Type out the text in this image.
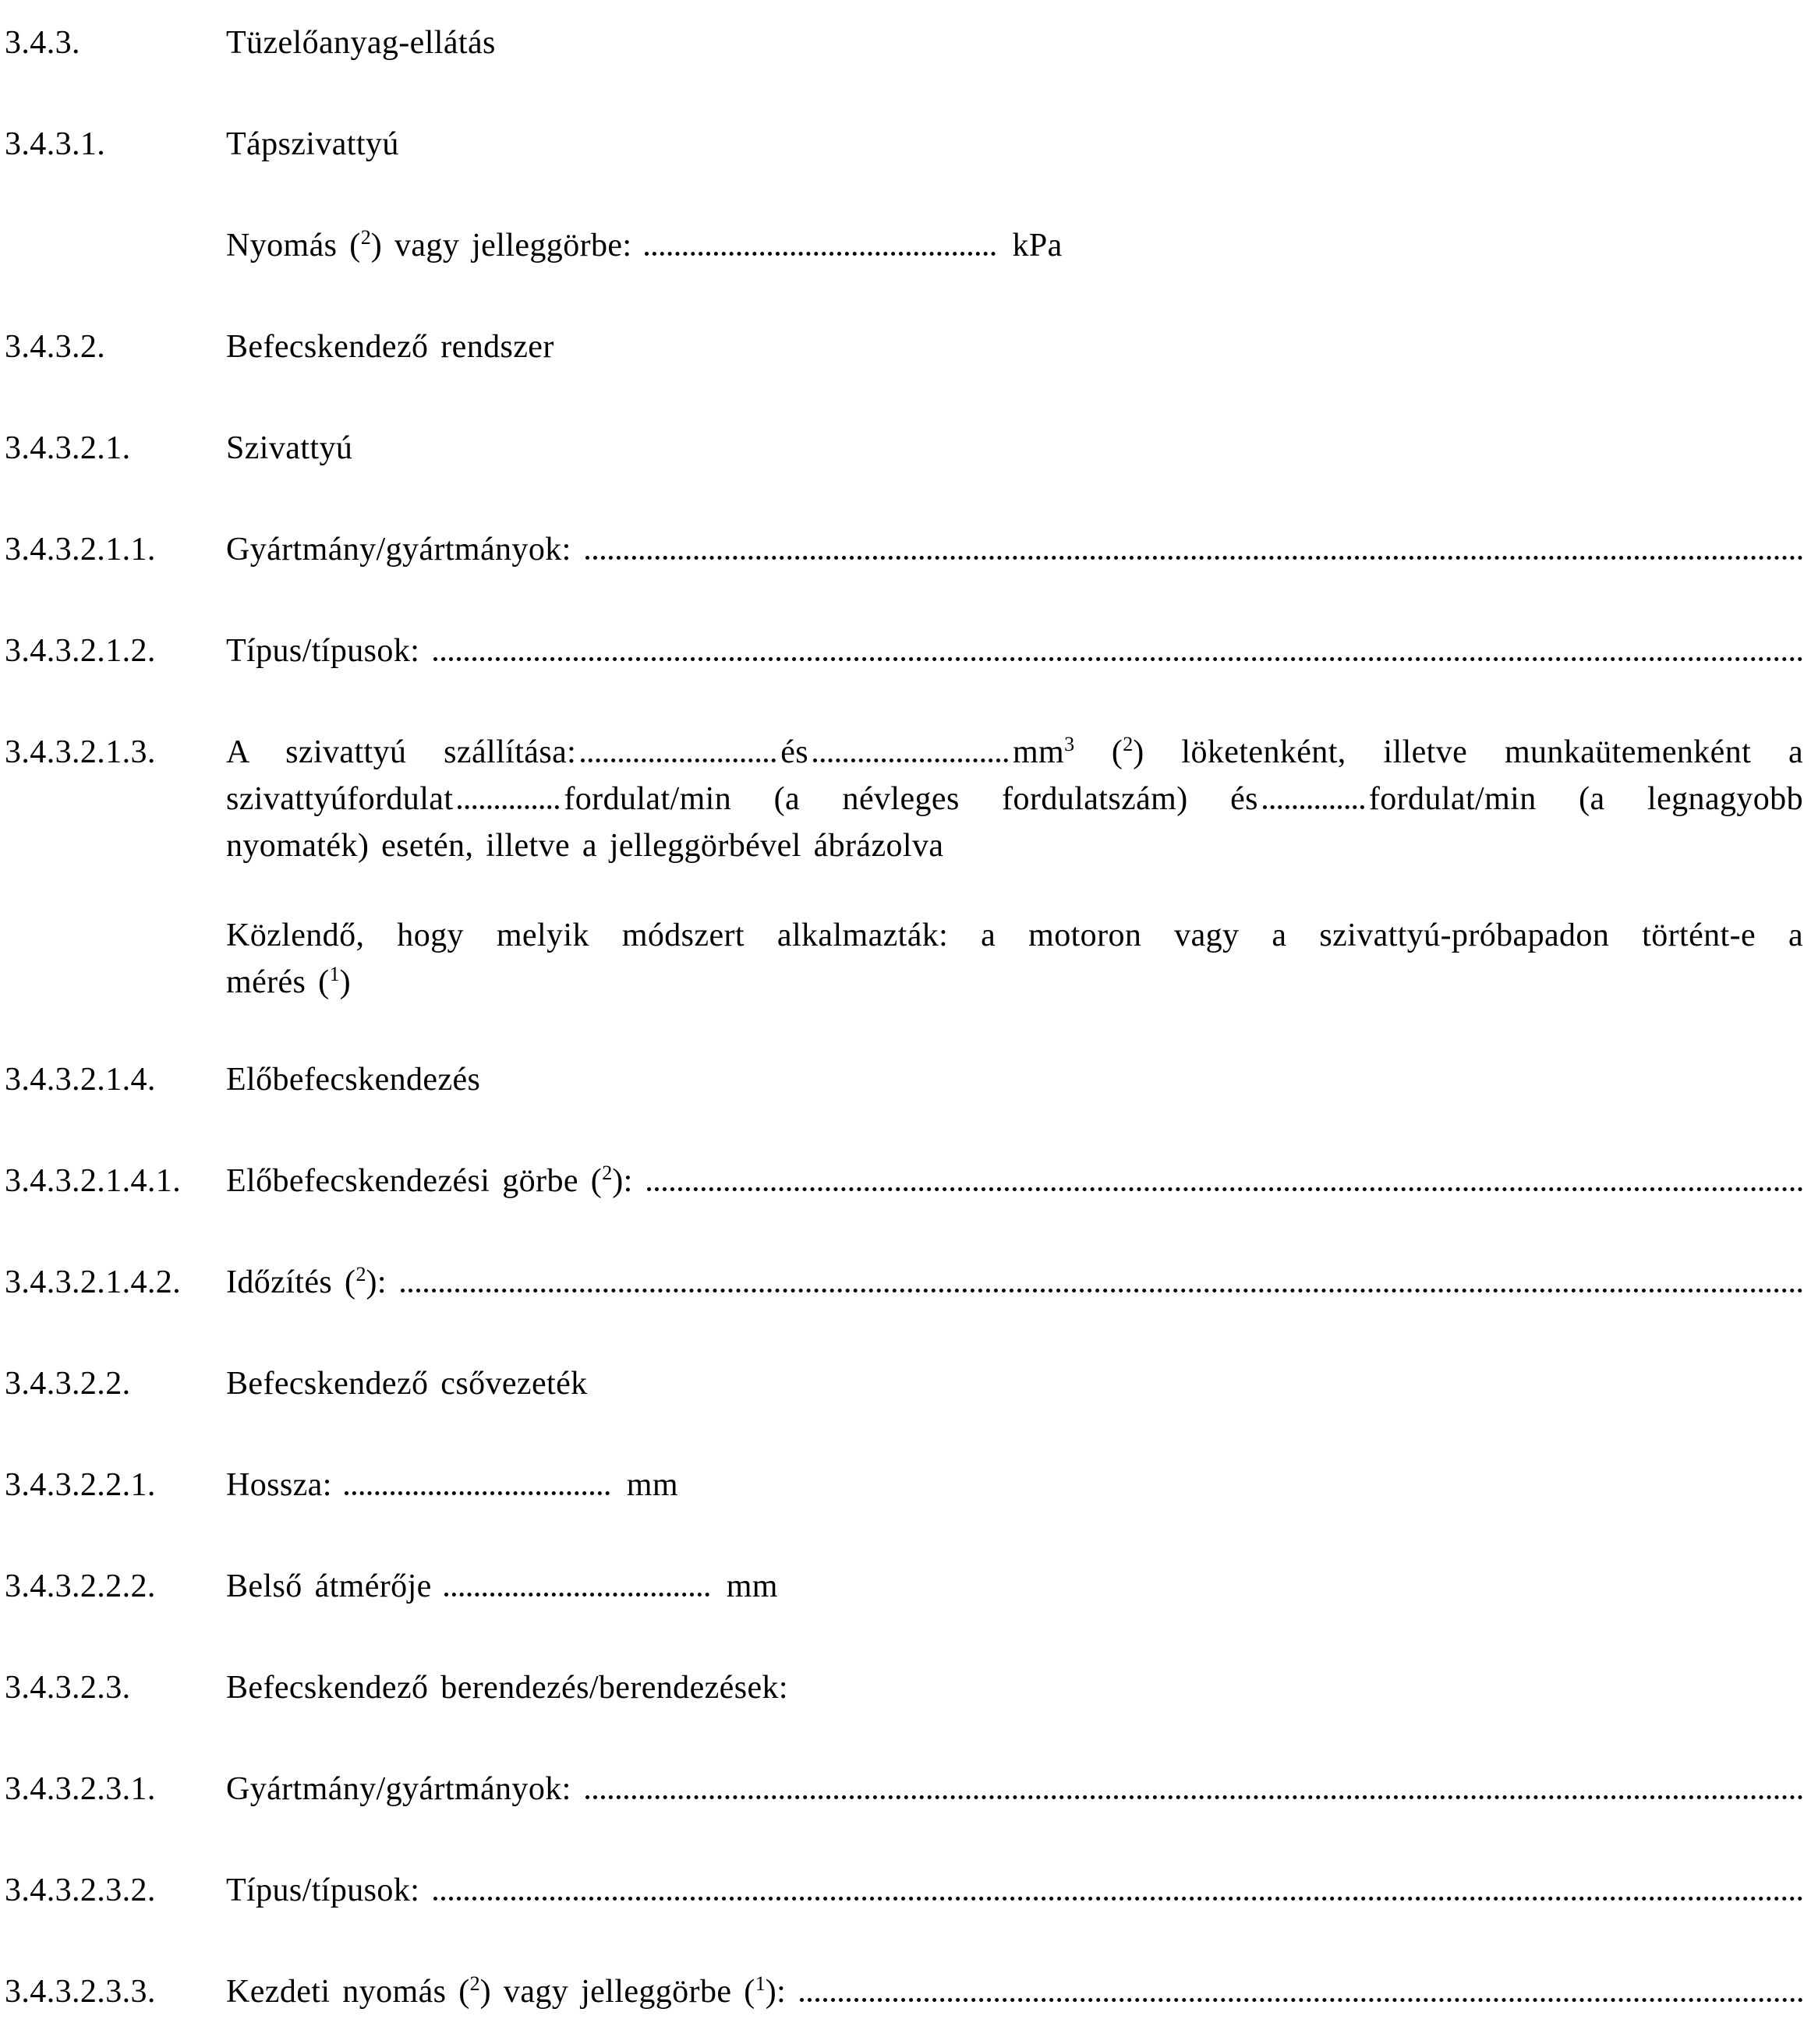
3.4.3.	Tüzelőanyag-ellátás
3.4.3.1.	Tápszivattyú
Nyomás ($^2$) vagy jelleggörbe:	kPa
3.4.3.2.	Befecskendező rendszer
3.4.3.2.1.	Szivattyú
3.4.3.2.1.1. Gyártmány/gyártmányok:
3.4.3.2.1.2. Típus/típusok:
3.4.3.2.1.3. A szivattyú szállítása:	és	$mm^3$ ($^2$) löketenként, illetve munkaütemenként a
szivattyúfordulat	fordulat/min (a névleges fordulatszám) és	fordulat/min (a legnagyobb
nyomaték) esetén, illetve a jelleggörbével ábrázolva
Közlendő, hogy melyik módszert alkalmazták: a motoron vagy a szivattyú-próbapadon történt-e a
mérés ($^1$)
3.4.3.2.1.4. Előbefecskendezés
3.4.3.2.1.4.1. Előbefecskendezési görbe ($^2$):
3.4.3.2.1.4.2. Időzítés ($^2$):
3.4.3.2.2.	Befecskendező csővezeték
3.4.3.2.2.1. Hossza:	mm
3.4.3.2.2.2. Belső átmérője	mm
3.4.3.2.3.	Befecskendező berendezés/berendezések:
3.4.3.2.3.1. Gyártmány/gyártmányok:
3.4.3.2.3.2. Típus/típusok:
3.4.3.2.3.3. Kezdeti nyomás ($^2$) vagy jelleggörbe ($^1$):
